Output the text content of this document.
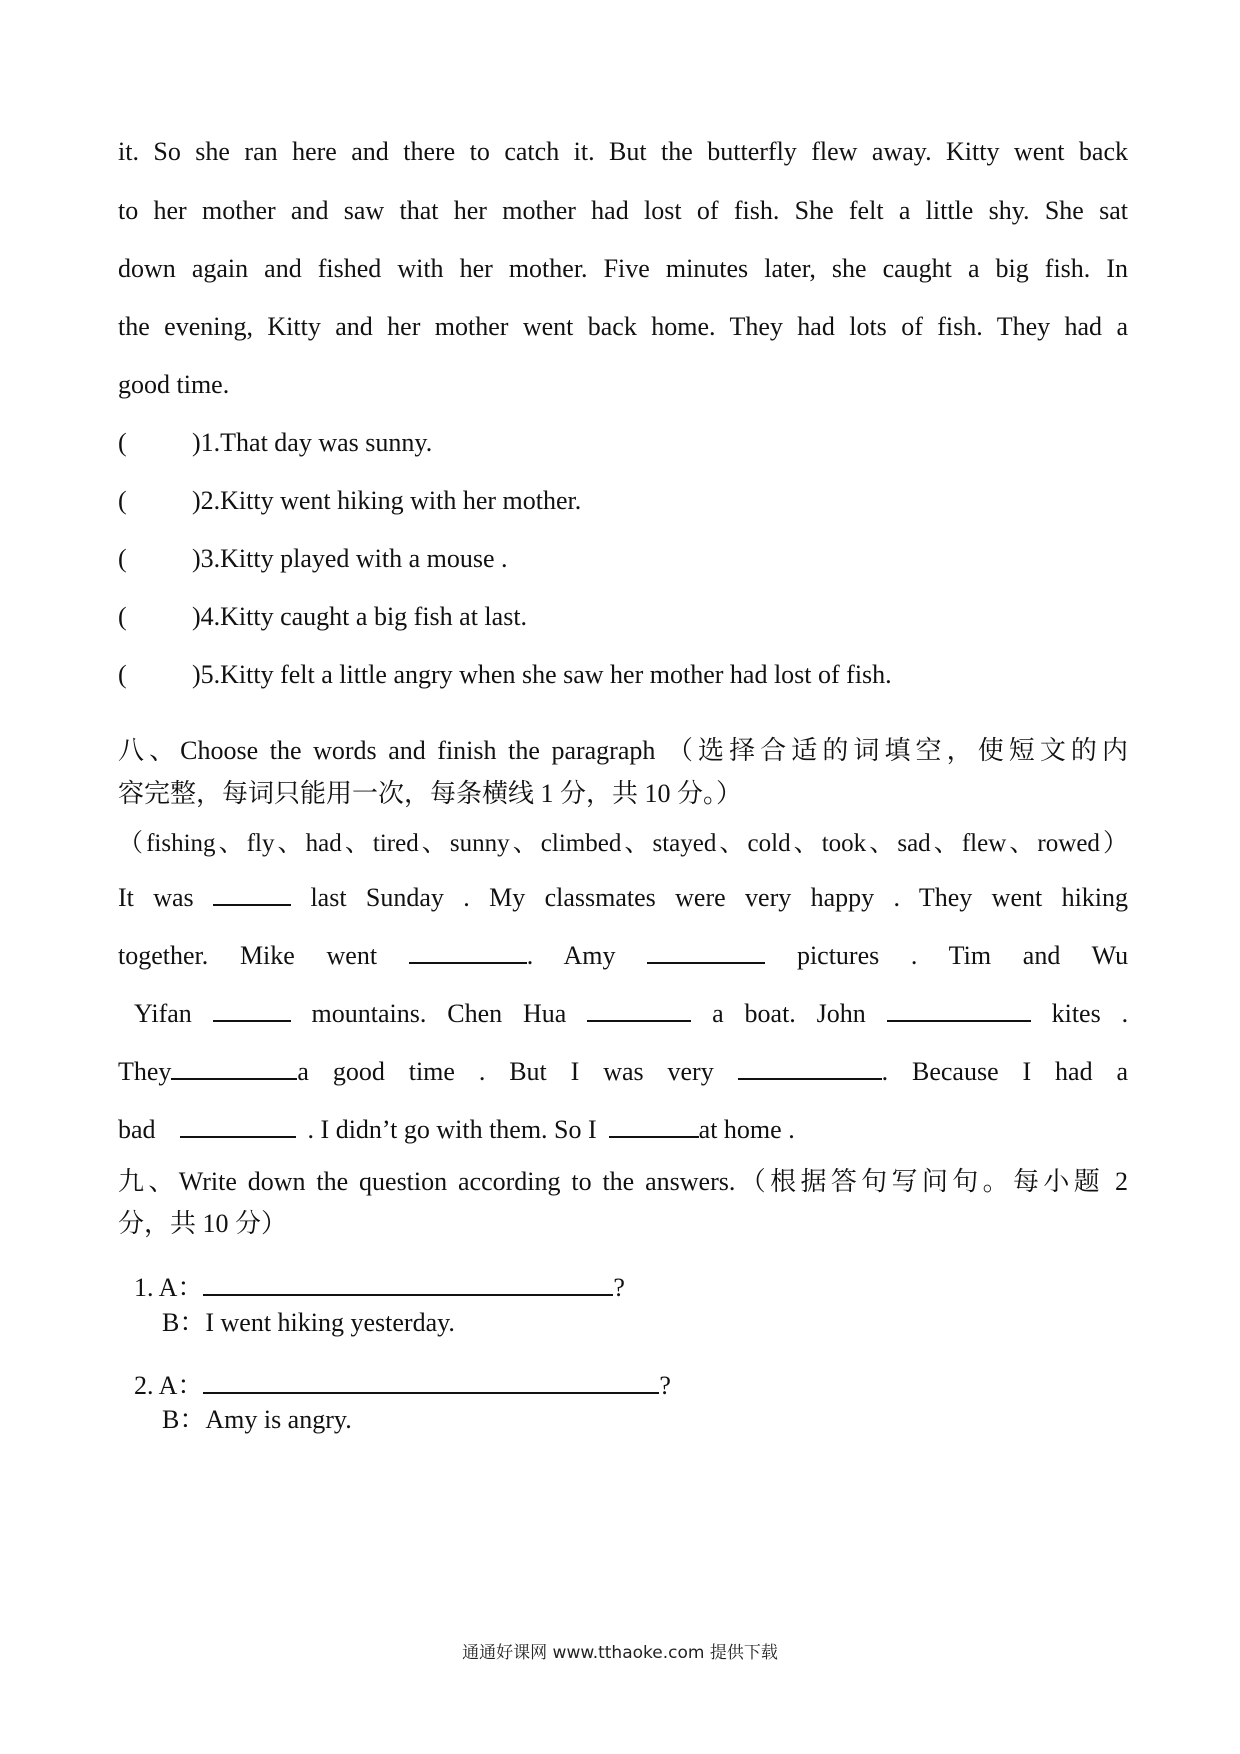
it. So she ran here and there to catch it. But the butterfly flew away. Kitty went back
to her mother and saw that her mother had lost of fish. She felt a little shy. She sat
down again and fished with her mother. Five minutes later, she caught a big fish. In
the evening, Kitty and her mother went back home. They had lots of fish. They had a
good time.
(	)1.That day was sunny.
(	)2.Kitty went hiking with her mother.
(	)3.Kitty played with a mouse .
(	)4.Kitty caught a big fish at last.
(	)5.Kitty felt a little angry when she saw her mother had lost of fish.
八、Choose the words and finish the paragraph （选择合适的词填空，使短文的内
容完整，每词只能用一次，每条横线 1 分，共 10 分。）
（fishing、fly、had、tired、sunny、climbed、stayed、cold、took、sad、flew、rowed）
It was	last Sunday . My classmates were very happy . They went hiking
together. Mike went	. Amy	pictures . Tim and Wu
Yifan	mountains. Chen Hua	a boat. John	kites .
They	a good time . But I was very	. Because I had a
bad	. I didn’t go with them. So I	at home .
九、Write down the question according to the answers.（根据答句写问句。每小题 2
分，共 10 分）
1. A：	?
B：I went hiking yesterday.
2. A：	?
B：Amy is angry.
通通好课网 www.tthaoke.com 提供下载
